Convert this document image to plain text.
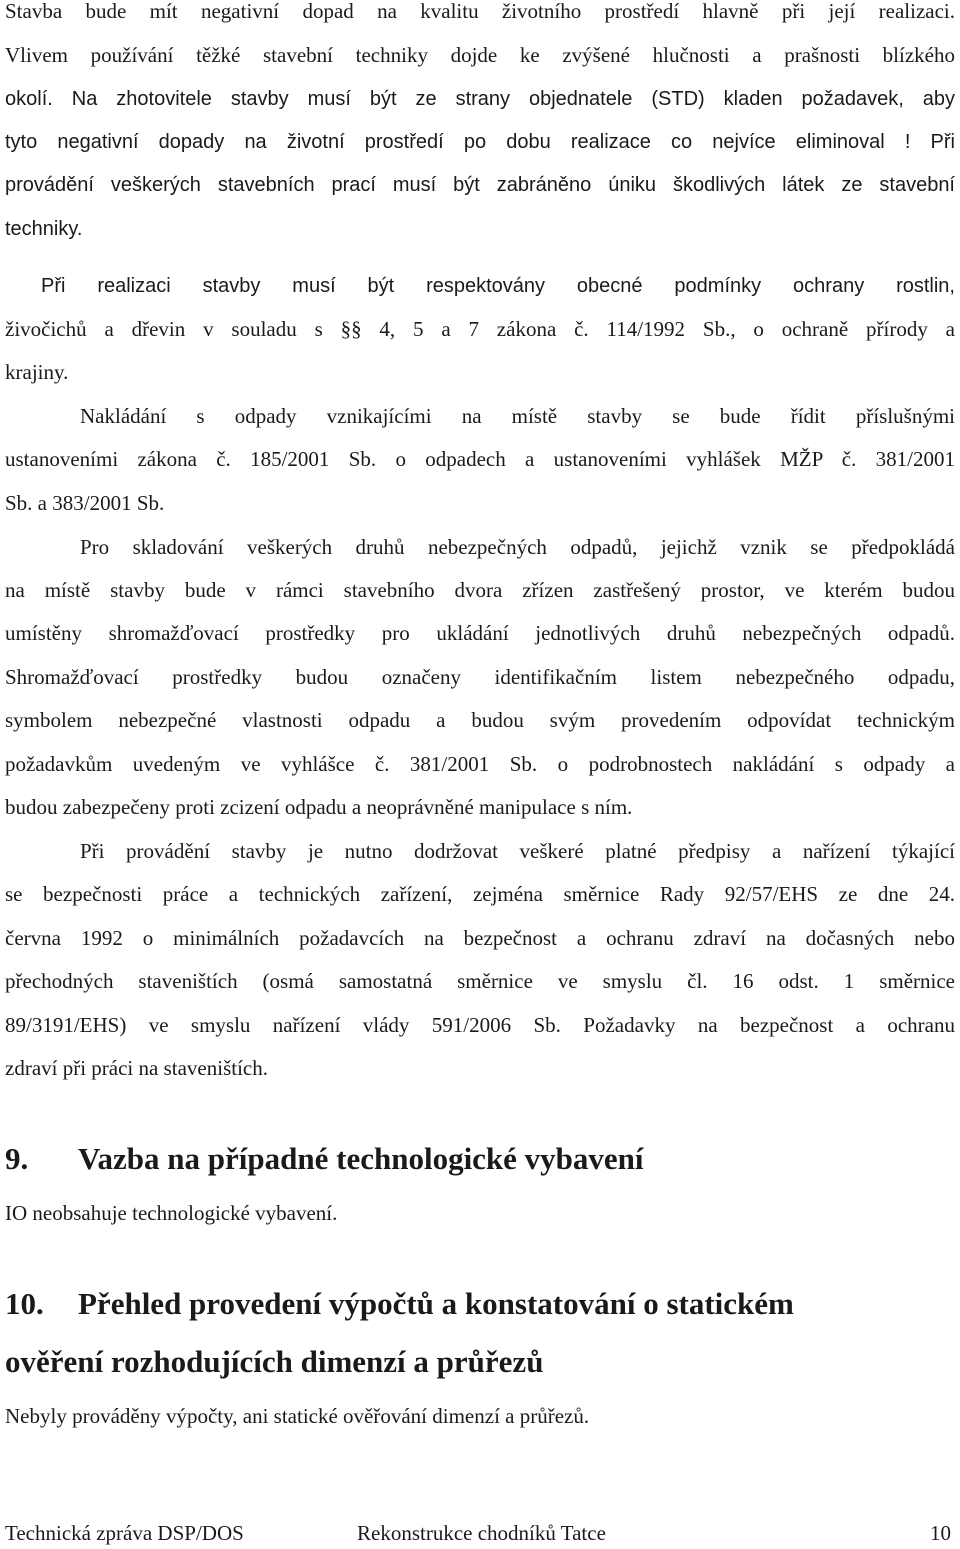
Stavba bude mít negativní dopad na kvalitu životního prostředí hlavně při její realizaci.
Vlivem používání těžké stavební techniky dojde ke zvýšené hlučnosti a prašnosti blízkého
okolí. Na zhotovitele stavby musí být ze strany objednatele (STD) kladen požadavek, aby
tyto negativní dopady na životní prostředí po dobu realizace co nejvíce eliminoval ! Při
provádění veškerých stavebních prací musí být zabráněno úniku škodlivých látek ze stavební
techniky.
Při realizaci stavby musí být respektovány obecné podmínky ochrany rostlin,
živočichů a dřevin v souladu s §§ 4, 5 a 7 zákona č. 114/1992 Sb., o ochraně přírody a
krajiny.
Nakládání s odpady vznikajícími na místě stavby se bude řídit příslušnými
ustanoveními zákona č. 185/2001 Sb. o odpadech a ustanoveními vyhlášek MŽP č. 381/2001
Sb. a 383/2001 Sb.
Pro skladování veškerých druhů nebezpečných odpadů, jejichž vznik se předpokládá
na místě stavby bude v rámci stavebního dvora zřízen zastřešený prostor, ve kterém budou
umístěny shromažďovací prostředky pro ukládání jednotlivých druhů nebezpečných odpadů.
Shromažďovací prostředky budou označeny identifikačním listem nebezpečného odpadu,
symbolem nebezpečné vlastnosti odpadu a budou svým provedením odpovídat technickým
požadavkům uvedeným ve vyhlášce č. 381/2001 Sb. o podrobnostech nakládání s odpady a
budou zabezpečeny proti zcizení odpadu a neoprávněné manipulace s ním.
Při provádění stavby je nutno dodržovat veškeré platné předpisy a nařízení týkající
se bezpečnosti práce a technických zařízení, zejména směrnice Rady 92/57/EHS ze dne 24.
června 1992 o minimálních požadavcích na bezpečnost a ochranu zdraví na dočasných nebo
přechodných staveništích (osmá samostatná směrnice ve smyslu čl. 16 odst. 1 směrnice
89/3191/EHS) ve smyslu nařízení vlády 591/2006 Sb. Požadavky na bezpečnost a ochranu
zdraví při práci na staveništích.
9. Vazba na případné technologické vybavení
IO neobsahuje technologické vybavení.
10. Přehled provedení výpočtů a konstatování o statickém
ověření rozhodujících dimenzí a průřezů
Nebyly prováděny výpočty, ani statické ověřování dimenzí a průřezů.
Technická zpráva DSP/DOS	Rekonstrukce chodníků Tatce	10
